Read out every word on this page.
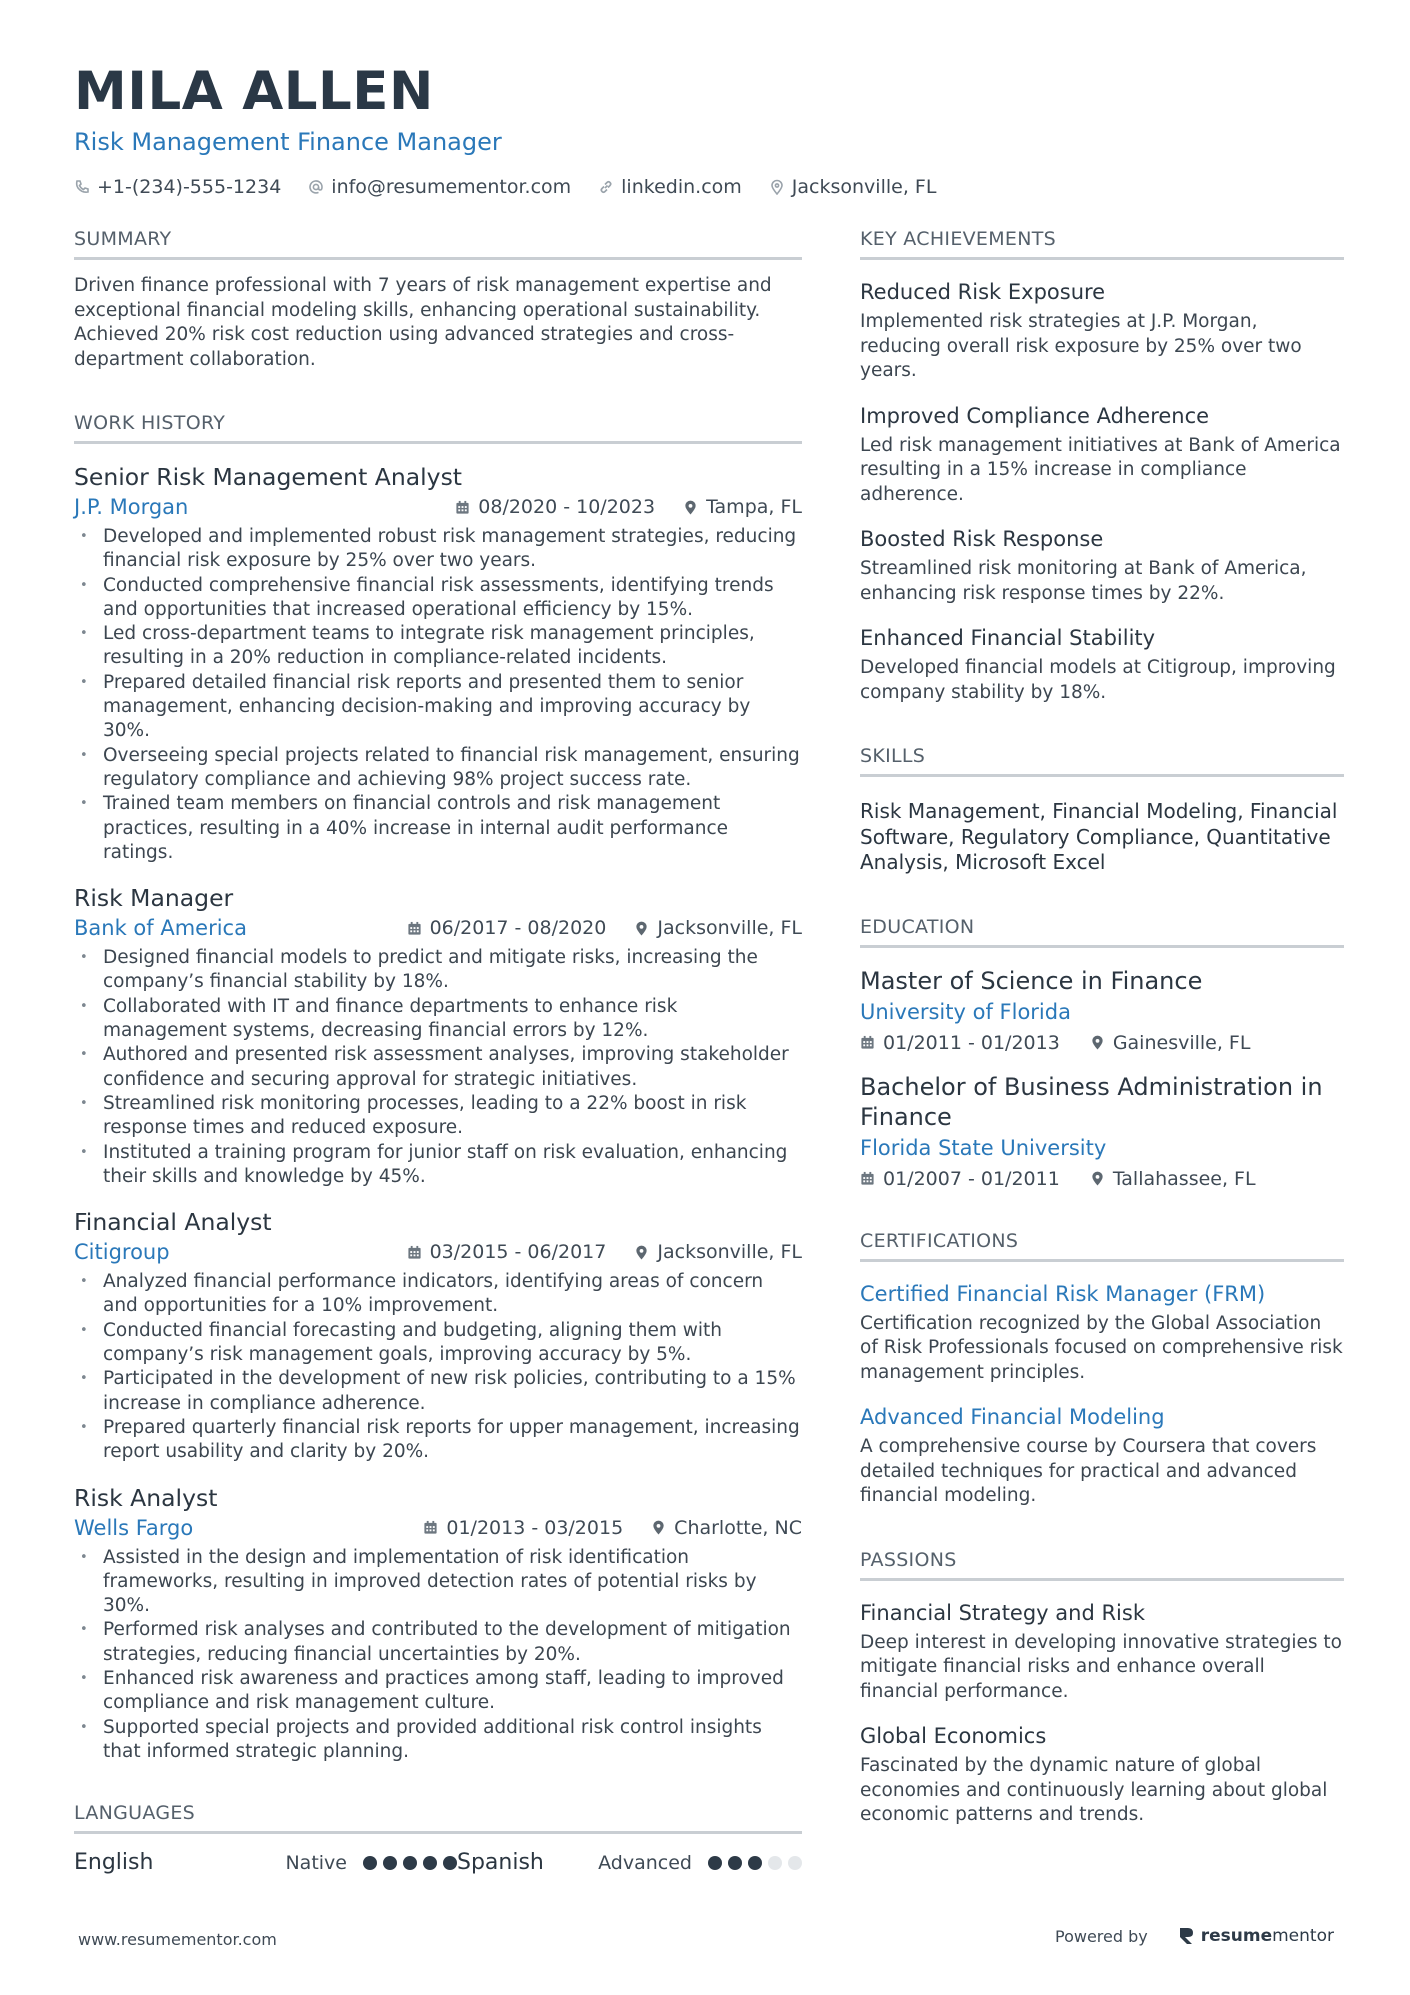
MILA ALLEN
Risk Management Finance Manager
+1-(234)-555-1234	info@resumementor.com	linkedin.com	Jacksonville, FL
SUMMARY

Driven finance professional with 7 years of risk management expertise and exceptional financial modeling skills, enhancing operational sustainability. Achieved 20% risk cost reduction using advanced strategies and cross-department collaboration.

WORK HISTORY
Senior Risk Management Analyst
J.P. Morgan	08/2020 - 10/2023	Tampa, FL
• Developed and implemented robust risk management strategies, reducing financial risk exposure by 25% over two years.
• Conducted comprehensive financial risk assessments, identifying trends and opportunities that increased operational efficiency by 15%.
• Led cross-department teams to integrate risk management principles, resulting in a 20% reduction in compliance-related incidents.
• Prepared detailed financial risk reports and presented them to senior management, enhancing decision-making and improving accuracy by 30%.
• Overseeing special projects related to financial risk management, ensuring regulatory compliance and achieving 98% project success rate.
• Trained team members on financial controls and risk management practices, resulting in a 40% increase in internal audit performance ratings.
Risk Manager
Bank of America	06/2017 - 08/2020	Jacksonville, FL
• Designed financial models to predict and mitigate risks, increasing the company’s financial stability by 18%.
• Collaborated with IT and finance departments to enhance risk management systems, decreasing financial errors by 12%.
• Authored and presented risk assessment analyses, improving stakeholder confidence and securing approval for strategic initiatives.
• Streamlined risk monitoring processes, leading to a 22% boost in risk response times and reduced exposure.
• Instituted a training program for junior staff on risk evaluation, enhancing their skills and knowledge by 45%.
Financial Analyst
Citigroup	03/2015 - 06/2017	Jacksonville, FL
• Analyzed financial performance indicators, identifying areas of concern and opportunities for a 10% improvement.
• Conducted financial forecasting and budgeting, aligning them with company’s risk management goals, improving accuracy by 5%.
• Participated in the development of new risk policies, contributing to a 15% increase in compliance adherence.
• Prepared quarterly financial risk reports for upper management, increasing report usability and clarity by 20%.
Risk Analyst
Wells Fargo	01/2013 - 03/2015	Charlotte, NC
• Assisted in the design and implementation of risk identification frameworks, resulting in improved detection rates of potential risks by 30%.
• Performed risk analyses and contributed to the development of mitigation strategies, reducing financial uncertainties by 20%.
• Enhanced risk awareness and practices among staff, leading to improved compliance and risk management culture.
• Supported special projects and provided additional risk control insights that informed strategic planning.
LANGUAGES
English	Native	Spanish	Advanced
KEY ACHIEVEMENTS
Reduced Risk Exposure

Implemented risk strategies at J.P. Morgan, reducing overall risk exposure by 25% over two years.

Improved Compliance Adherence

Led risk management initiatives at Bank of America resulting in a 15% increase in compliance adherence.

Boosted Risk Response

Streamlined risk monitoring at Bank of America, enhancing risk response times by 22%.

Enhanced Financial Stability

Developed financial models at Citigroup, improving company stability by 18%.

SKILLS

Risk Management, Financial Modeling, Financial Software, Regulatory Compliance, Quantitative Analysis, Microsoft Excel

EDUCATION
Master of Science in Finance
University of Florida
01/2011 - 01/2013	Gainesville, FL
Bachelor of Business Administration in Finance
Florida State University
01/2007 - 01/2011	Tallahassee, FL
CERTIFICATIONS
Certified Financial Risk Manager (FRM)

Certification recognized by the Global Association of Risk Professionals focused on comprehensive risk management principles.

Advanced Financial Modeling

A comprehensive course by Coursera that covers detailed techniques for practical and advanced financial modeling.

PASSIONS
Financial Strategy and Risk

Deep interest in developing innovative strategies to mitigate financial risks and enhance overall financial performance.

Global Economics

Fascinated by the dynamic nature of global economies and continuously learning about global economic patterns and trends.

www.resumementor.com	Powered by	resume mentor
